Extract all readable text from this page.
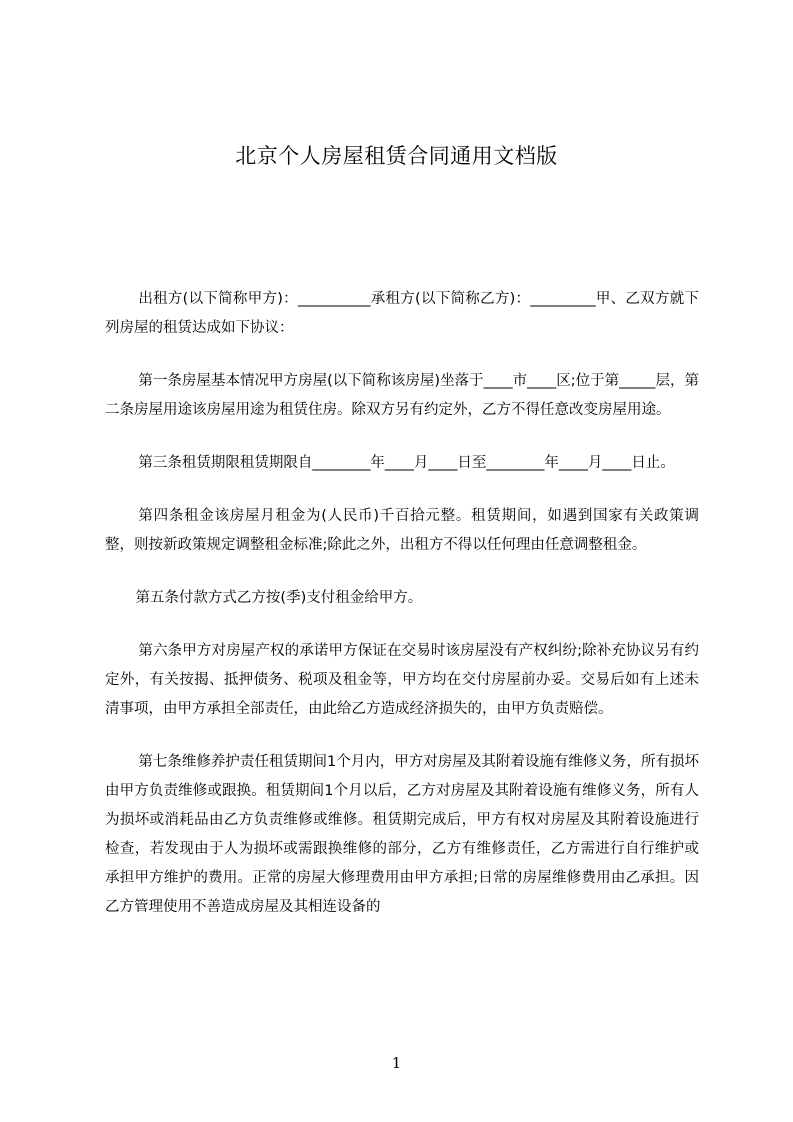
北京个人房屋租赁合同通用文档版

出租方(以下简称甲方)：__________承租方(以下简称乙方)：_________甲、乙双方就下列房屋的租赁达成如下协议：

第一条房屋基本情况甲方房屋(以下简称该房屋)坐落于____市____区;位于第_____层，第二条房屋用途该房屋用途为租赁住房。除双方另有约定外，乙方不得任意改变房屋用途。

第三条租赁期限租赁期限自________年____月____日至________年____月____日止。

第四条租金该房屋月租金为(人民币)千百拾元整。租赁期间，如遇到国家有关政策调整，则按新政策规定调整租金标准;除此之外，出租方不得以任何理由任意调整租金。

第五条付款方式乙方按(季)支付租金给甲方。

第六条甲方对房屋产权的承诺甲方保证在交易时该房屋没有产权纠纷;除补充协议另有约定外，有关按揭、抵押债务、税项及租金等，甲方均在交付房屋前办妥。交易后如有上述未清事项，由甲方承担全部责任，由此给乙方造成经济损失的，由甲方负责赔偿。

第七条维修养护责任租赁期间1个月内，甲方对房屋及其附着设施有维修义务，所有损坏由甲方负责维修或跟换。租赁期间1个月以后，乙方对房屋及其附着设施有维修义务，所有人为损坏或消耗品由乙方负责维修或维修。租赁期完成后，甲方有权对房屋及其附着设施进行检查，若发现由于人为损坏或需跟换维修的部分，乙方有维修责任，乙方需进行自行维护或承担甲方维护的费用。正常的房屋大修理费用由甲方承担;日常的房屋维修费用由乙承担。因乙方管理使用不善造成房屋及其相连设备的

1
